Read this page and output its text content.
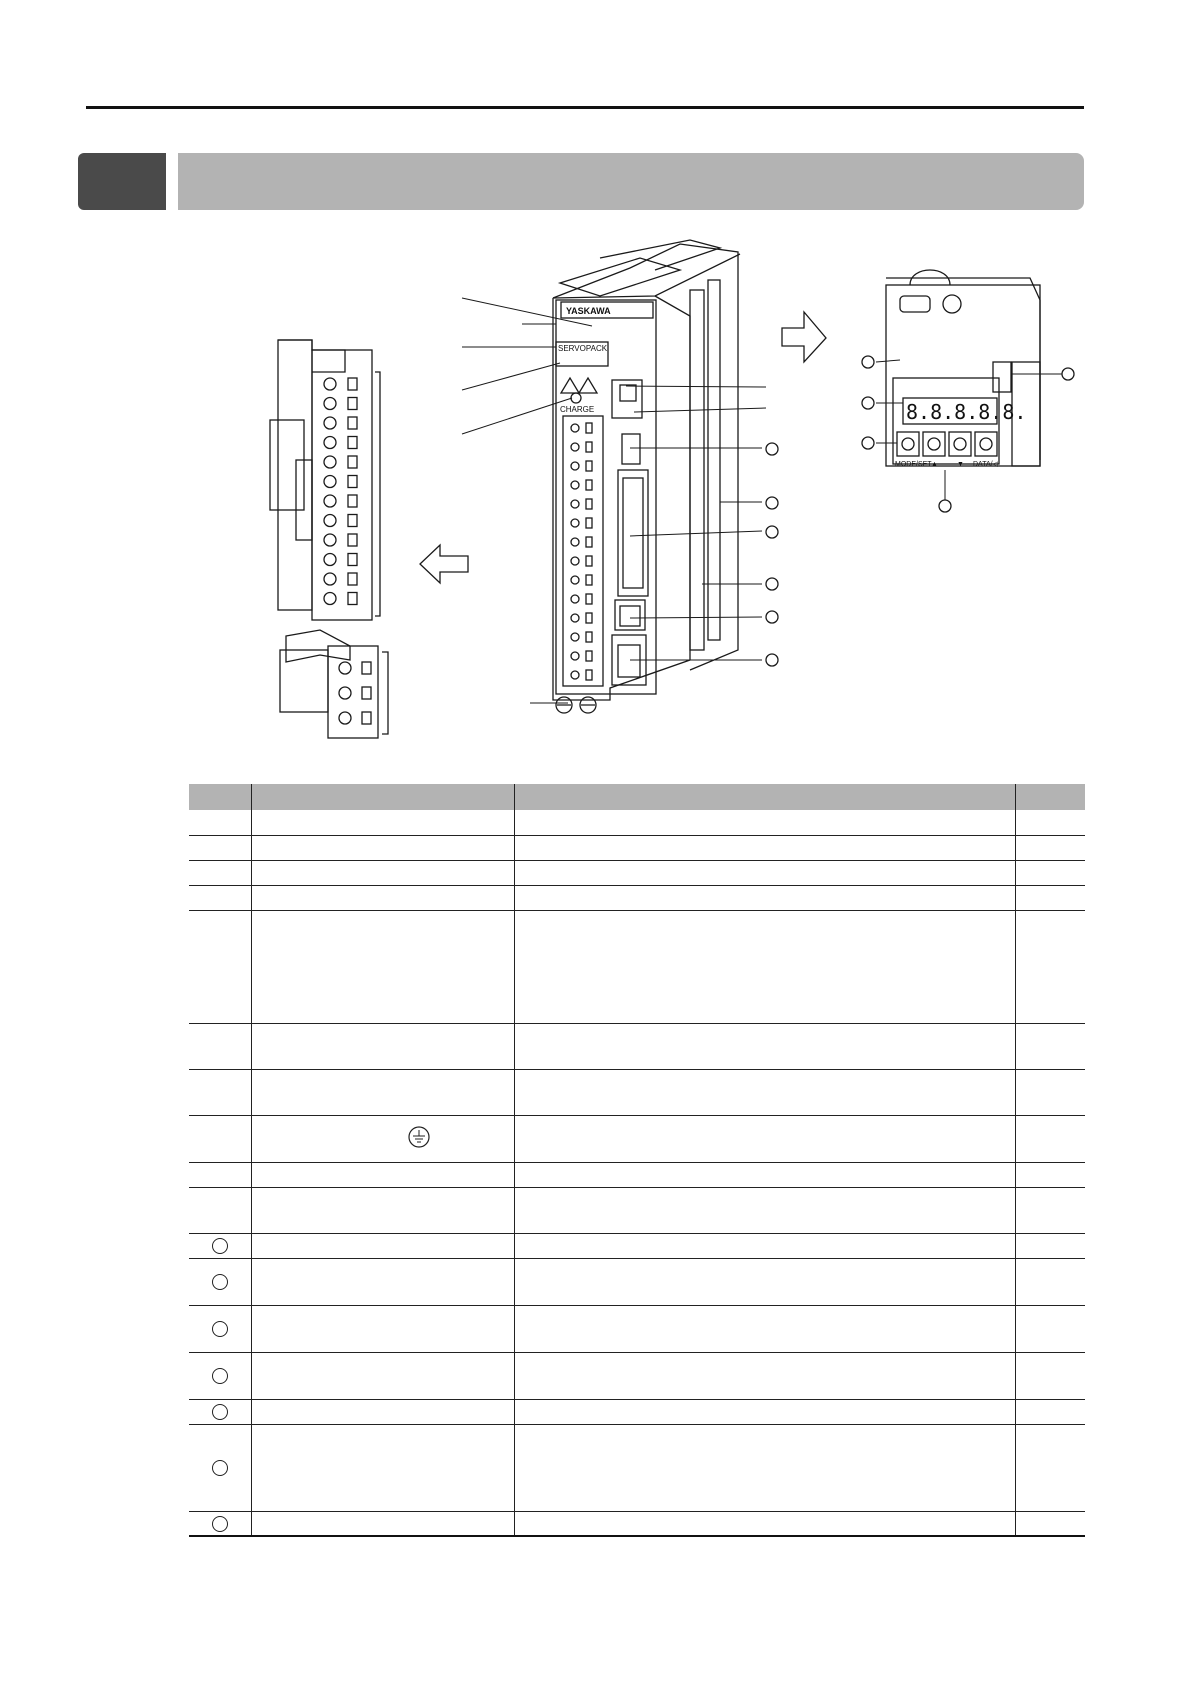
YASKAWA
SERVOPACK
CHARGE	8.8.8.8.8.
MODE/SET ▲	▼ DATA/◁
